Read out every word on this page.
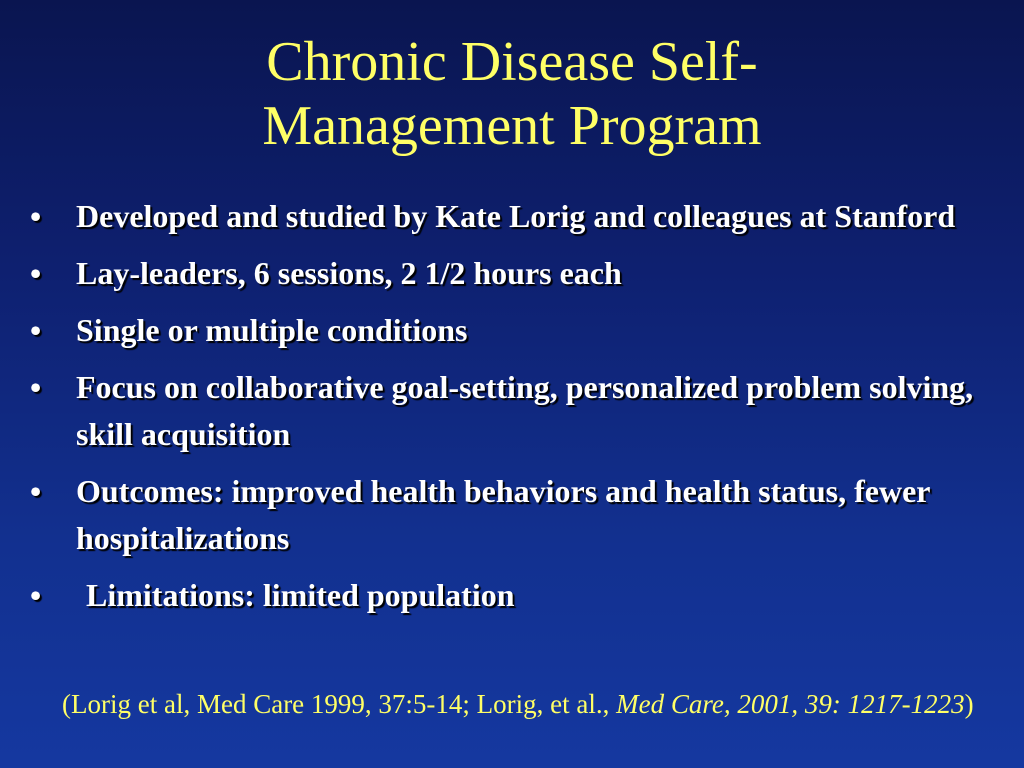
Chronic Disease Self-
Management Program
•	Developed and studied by Kate Lorig and colleagues at Stanford
•	Lay-leaders, 6 sessions, 2 1/2 hours each
•	Single or multiple conditions
•	Focus on collaborative goal-setting, personalized problem solving, skill acquisition
•	Outcomes: improved health behaviors and health status, fewer hospitalizations
•	Limitations: limited population
(Lorig et al, Med Care 1999, 37:5-14; Lorig, et al., Med Care, 2001, 39: 1217-1223)
